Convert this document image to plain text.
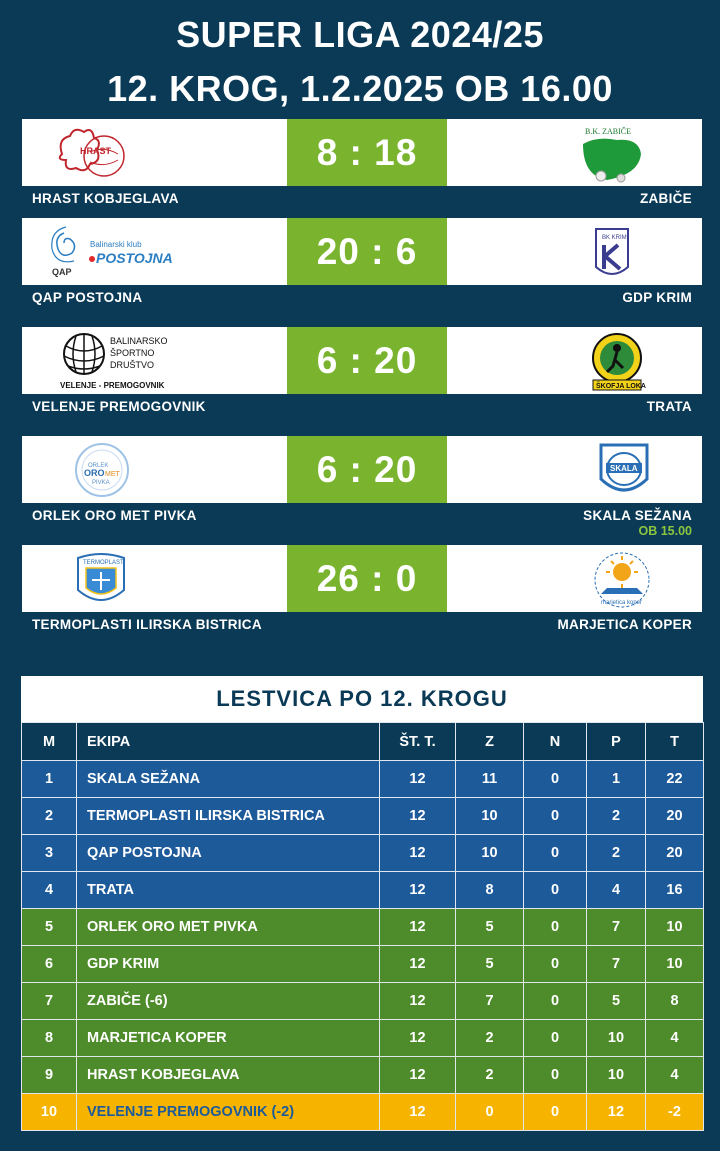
SUPER LIGA 2024/25
12. KROG, 1.2.2025 OB 16.00
HRAST	8 : 18
B.K. ZABIČE
HRAST KOBJEGLAVA	ZABIČE
QAP
Balinarski klub
POSTOJNA	20 : 6	BK KRIM
QAP POSTOJNA	GDP KRIM
BALINARSKO
ŠPORTNO
DRUŠTVO
VELENJE - PREMOGOVNIK
6 : 20
ŠKOFJA LOKA
VELENJE PREMOGOVNIK	TRATA
ORLEK
ORO MET
PIVKA	6 : 20	SKALA
ORLEK ORO MET PIVKA	SKALA SEŽANA
OB 15.00
TERMOPLASTI	26 : 0
marjetica koper
TERMOPLASTI ILIRSKA BISTRICA	MARJETICA KOPER
LESTVICA PO 12. KROGU
M	EKIPA	ŠT. T.	Z	N	P	T
1	SKALA SEŽANA	12	11	0	1	22
2	TERMOPLASTI ILIRSKA BISTRICA	12	10	0	2	20
3	QAP POSTOJNA	12	10	0	2	20
4	TRATA	12	8	0	4	16
5	ORLEK ORO MET PIVKA	12	5	0	7	10
6	GDP KRIM	12	5	0	7	10
7	ZABIČE (-6)	12	7	0	5	8
8	MARJETICA KOPER	12	2	0	10	4
9	HRAST KOBJEGLAVA	12	2	0	10	4
10	VELENJE PREMOGOVNIK (-2)	12	0	0	12	-2
